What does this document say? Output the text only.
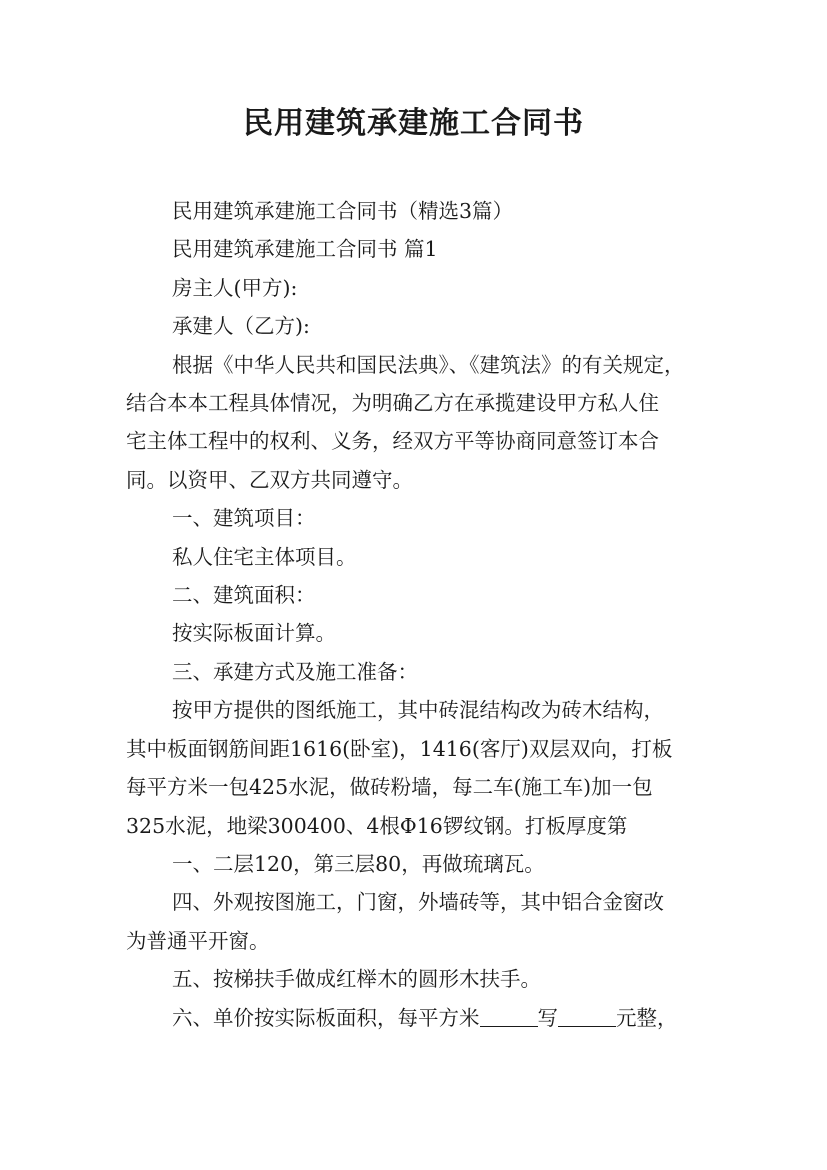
民用建筑承建施工合同书

民用建筑承建施工合同书（精选3篇）

民用建筑承建施工合同书 篇1

房主人(甲方):

承建人（乙方):

根据《中华人民共和国民法典》、《建筑法》的有关规定，

结合本本工程具体情况，为明确乙方在承揽建设甲方私人住

宅主体工程中的权利、义务，经双方平等协商同意签订本合

同。以资甲、乙双方共同遵守。

一、建筑项目：

私人住宅主体项目。

二、建筑面积：

按实际板面计算。

三、承建方式及施工准备：

按甲方提供的图纸施工，其中砖混结构改为砖木结构，

其中板面钢筋间距1616(卧室)，1416(客厅)双层双向，打板

每平方米一包425水泥，做砖粉墙，每二车(施工车)加一包

325水泥，地梁300400、4根Φ16锣纹钢。打板厚度第

一、二层120，第三层80，再做琉璃瓦。

四、外观按图施工，门窗，外墙砖等，其中铝合金窗改

为普通平开窗。

五、按梯扶手做成红榉木的圆形木扶手。

六、单价按实际板面积，每平方米	写	元整，
